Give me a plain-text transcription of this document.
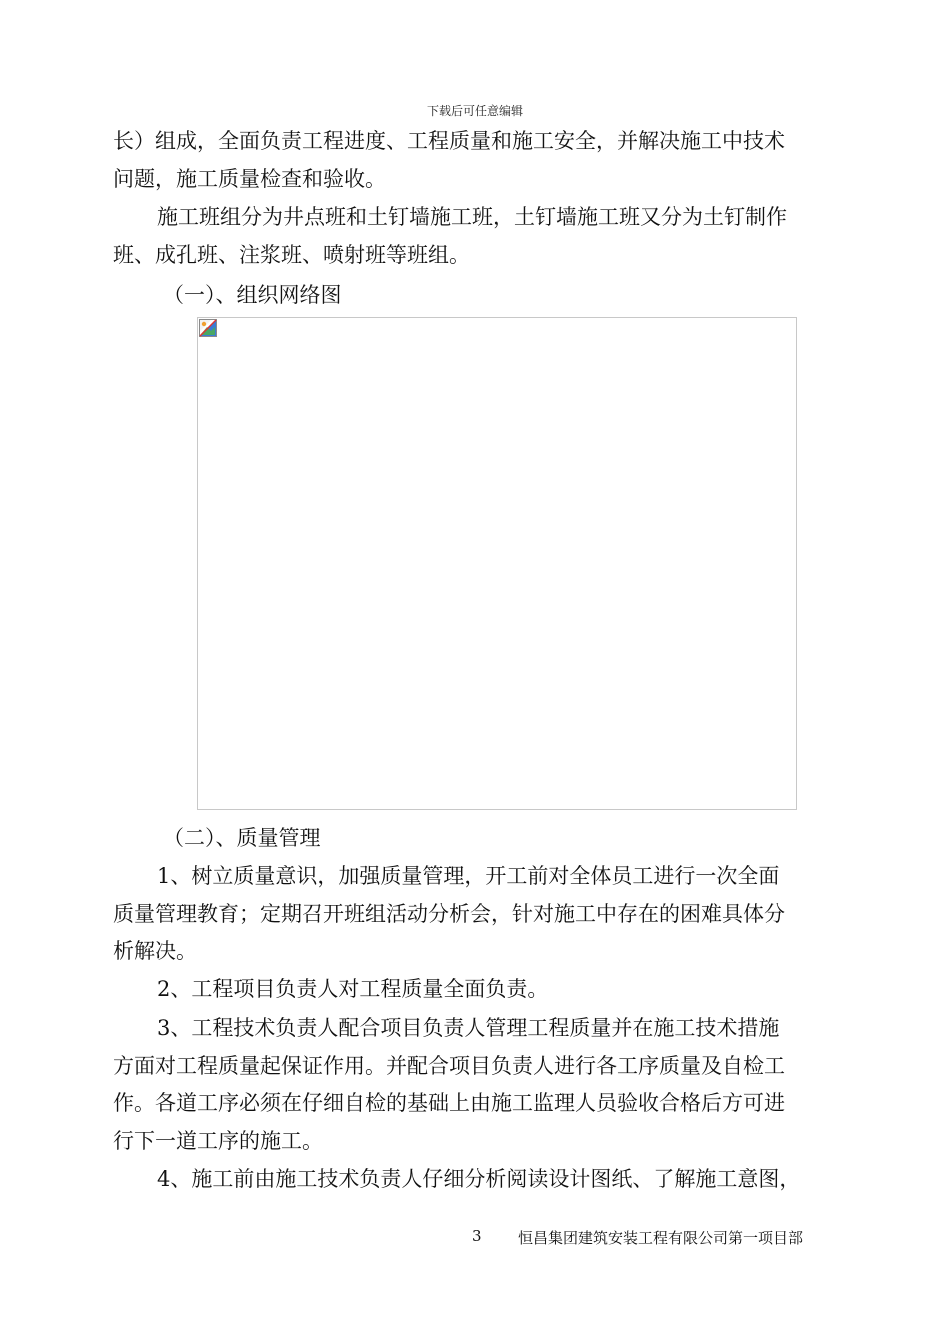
下载后可任意编辑
长）组成，全面负责工程进度、工程质量和施工安全，并解决施工中技术
问题，施工质量检查和验收。
施工班组分为井点班和土钉墙施工班，土钉墙施工班又分为土钉制作
班、成孔班、注浆班、喷射班等班组。
（一）、组织网络图
（二）、质量管理
1、树立质量意识，加强质量管理，开工前对全体员工进行一次全面
质量管理教育；定期召开班组活动分析会，针对施工中存在的困难具体分
析解决。
2、工程项目负责人对工程质量全面负责。
3、工程技术负责人配合项目负责人管理工程质量并在施工技术措施
方面对工程质量起保证作用。并配合项目负责人进行各工序质量及自检工
作。各道工序必须在仔细自检的基础上由施工监理人员验收合格后方可进
行下一道工序的施工。
4、施工前由施工技术负责人仔细分析阅读设计图纸、了解施工意图，
3 恒昌集团建筑安装工程有限公司第一项目部
